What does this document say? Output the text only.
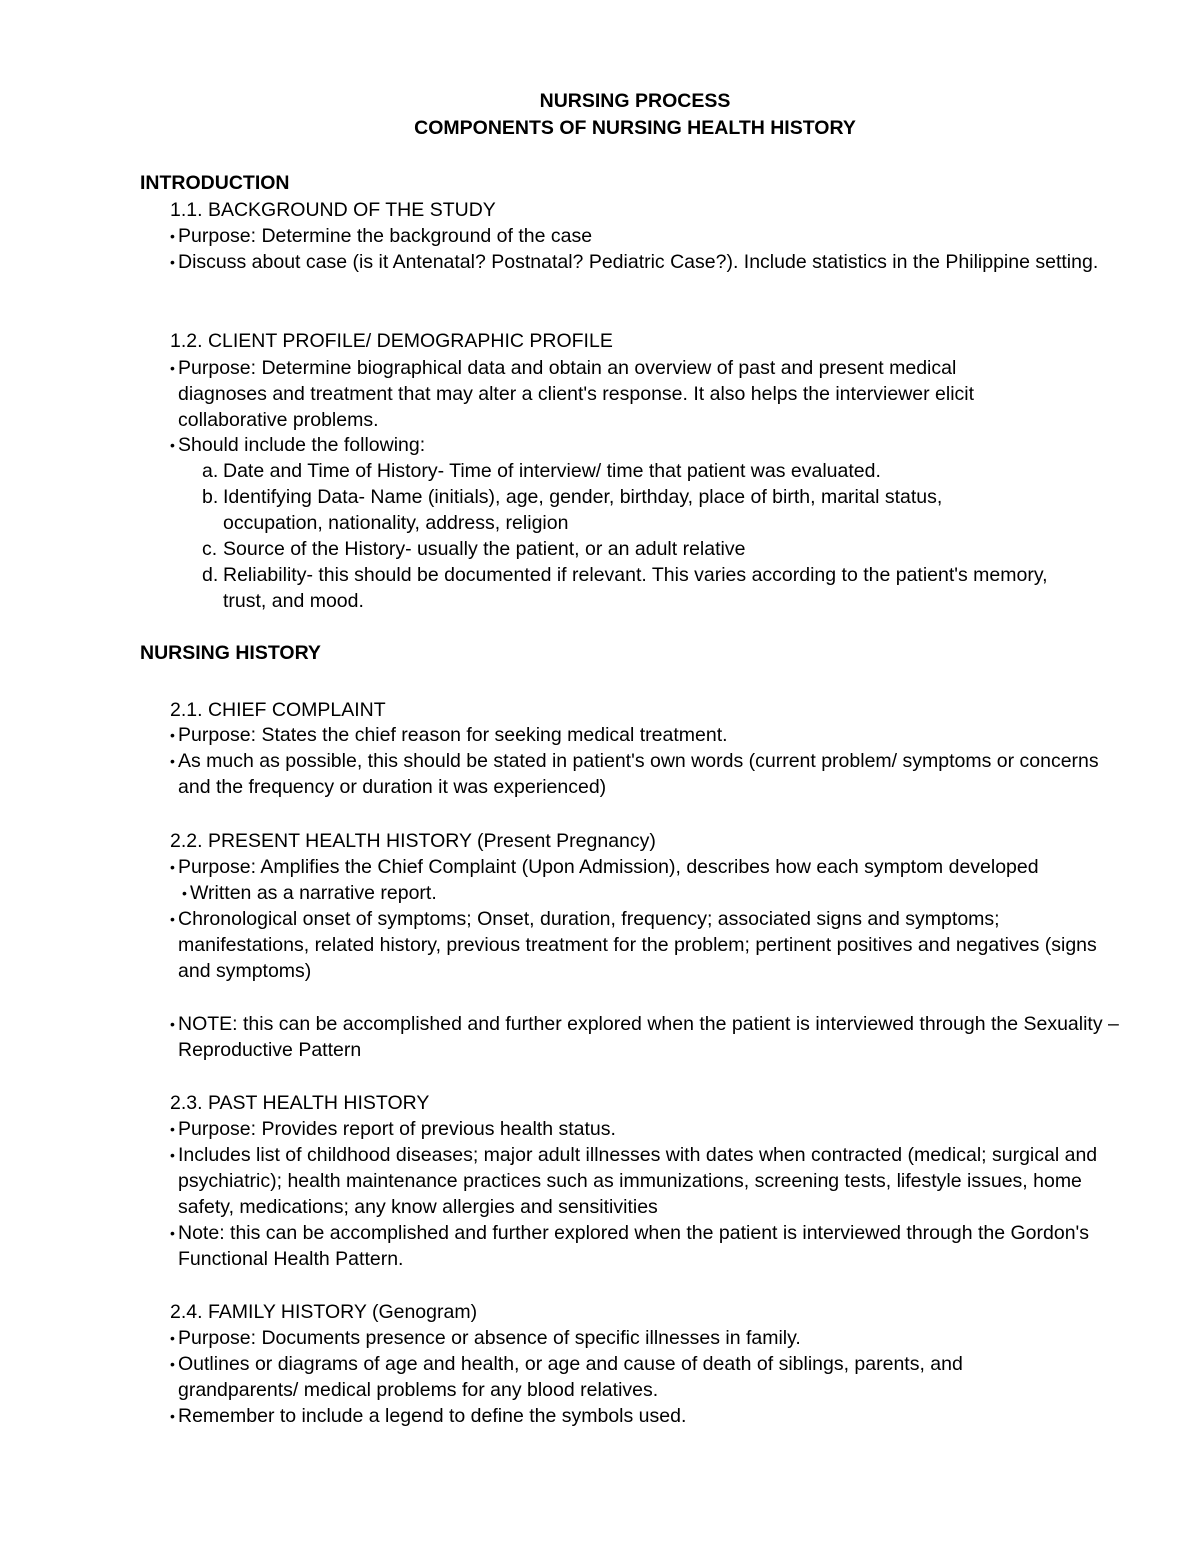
NURSING PROCESS
COMPONENTS OF NURSING HEALTH HISTORY
INTRODUCTION
1.1. BACKGROUND OF THE STUDY
• Purpose: Determine the background of the case
• Discuss about case (is it Antenatal? Postnatal? Pediatric Case?). Include statistics in the Philippine setting.
1.2. CLIENT PROFILE/ DEMOGRAPHIC PROFILE
• Purpose: Determine biographical data and obtain an overview of past and present medical diagnoses and treatment that may alter a client's response. It also helps the interviewer elicit collaborative problems.
• Should include the following:
a. Date and Time of History- Time of interview/ time that patient was evaluated.
b. Identifying Data- Name (initials), age, gender, birthday, place of birth, marital status, occupation, nationality, address, religion
c. Source of the History- usually the patient, or an adult relative
d. Reliability- this should be documented if relevant. This varies according to the patient's memory, trust, and mood.
NURSING HISTORY
2.1. CHIEF COMPLAINT
• Purpose: States the chief reason for seeking medical treatment.
• As much as possible, this should be stated in patient's own words (current problem/ symptoms or concerns and the frequency or duration it was experienced)
2.2. PRESENT HEALTH HISTORY (Present Pregnancy)
• Purpose: Amplifies the Chief Complaint (Upon Admission), describes how each symptom developed
• Written as a narrative report.
• Chronological onset of symptoms; Onset, duration, frequency; associated signs and symptoms; manifestations, related history, previous treatment for the problem; pertinent positives and negatives (signs and symptoms)
• NOTE: this can be accomplished and further explored when the patient is interviewed through the Sexuality – Reproductive Pattern
2.3. PAST HEALTH HISTORY
• Purpose: Provides report of previous health status.
• Includes list of childhood diseases; major adult illnesses with dates when contracted (medical; surgical and psychiatric); health maintenance practices such as immunizations, screening tests, lifestyle issues, home safety, medications; any know allergies and sensitivities
• Note: this can be accomplished and further explored when the patient is interviewed through the Gordon's Functional Health Pattern.
2.4. FAMILY HISTORY (Genogram)
• Purpose: Documents presence or absence of specific illnesses in family.
• Outlines or diagrams of age and health, or age and cause of death of siblings, parents, and grandparents/ medical problems for any blood relatives.
• Remember to include a legend to define the symbols used.
